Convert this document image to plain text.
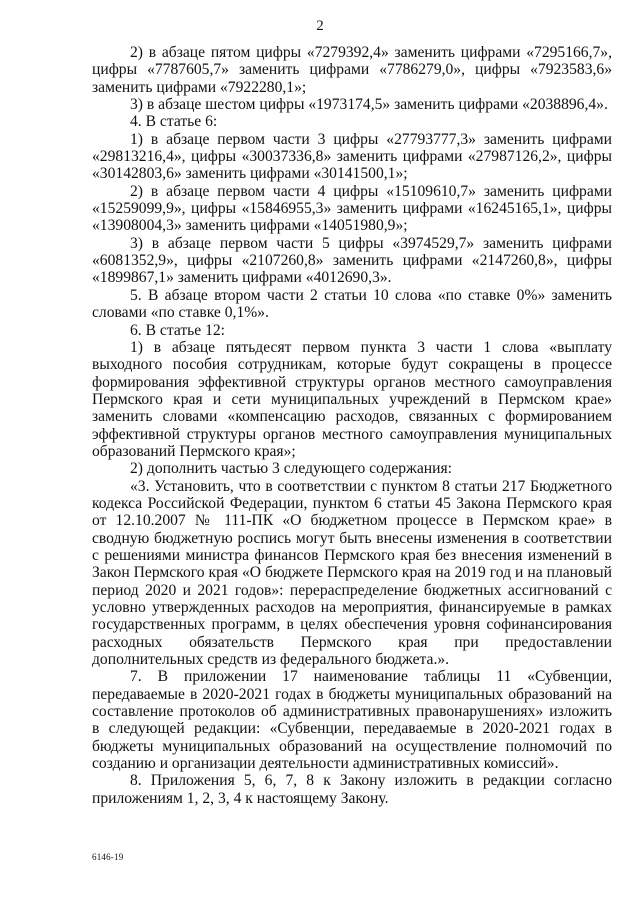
2

2) в абзаце пятом цифры «7279392,4» заменить цифрами «7295166,7», цифры «7787605,7» заменить цифрами «7786279,0», цифры «7923583,6» заменить цифрами «7922280,1»;

3) в абзаце шестом цифры «1973174,5» заменить цифрами «2038896,4».

4. В статье 6:

1) в абзаце первом части 3 цифры «27793777,3» заменить цифрами «29813216,4», цифры «30037336,8» заменить цифрами «27987126,2», цифры «30142803,6» заменить цифрами «30141500,1»;

2) в абзаце первом части 4 цифры «15109610,7» заменить цифрами «15259099,9», цифры «15846955,3» заменить цифрами «16245165,1», цифры «13908004,3» заменить цифрами «14051980,9»;

3) в абзаце первом части 5 цифры «3974529,7» заменить цифрами «6081352,9», цифры «2107260,8» заменить цифрами «2147260,8», цифры «1899867,1» заменить цифрами «4012690,3».

5. В абзаце втором части 2 статьи 10 слова «по ставке 0%» заменить словами «по ставке 0,1%».

6. В статье 12:

1) в абзаце пятьдесят первом пункта 3 части 1 слова «выплату выходного пособия сотрудникам, которые будут сокращены в процессе формирования эффективной структуры органов местного самоуправления Пермского края и сети муниципальных учреждений в Пермском крае» заменить словами «компенсацию расходов, связанных с формированием эффективной структуры органов местного самоуправления муниципальных образований Пермского края»;

2) дополнить частью 3 следующего содержания:

«3. Установить, что в соответствии с пунктом 8 статьи 217 Бюджетного кодекса Российской Федерации, пунктом 6 статьи 45 Закона Пермского края от 12.10.2007 № 111-ПК «О бюджетном процессе в Пермском крае» в сводную бюджетную роспись могут быть внесены изменения в соответствии с решениями министра финансов Пермского края без внесения изменений в Закон Пермского края «О бюджете Пермского края на 2019 год и на плановый период 2020 и 2021 годов»: перераспределение бюджетных ассигнований с условно утвержденных расходов на мероприятия, финансируемые в рамках государственных программ, в целях обеспечения уровня софинансирования расходных обязательств Пермского края при предоставлении дополнительных средств из федерального бюджета.».

7. В приложении 17 наименование таблицы 11 «Субвенции, передаваемые в 2020-2021 годах в бюджеты муниципальных образований на составление протоколов об административных правонарушениях» изложить в следующей редакции: «Субвенции, передаваемые в 2020-2021 годах в бюджеты муниципальных образований на осуществление полномочий по созданию и организации деятельности административных комиссий».

8. Приложения 5, 6, 7, 8 к Закону изложить в редакции согласно приложениям 1, 2, 3, 4 к настоящему Закону.

6146-19
